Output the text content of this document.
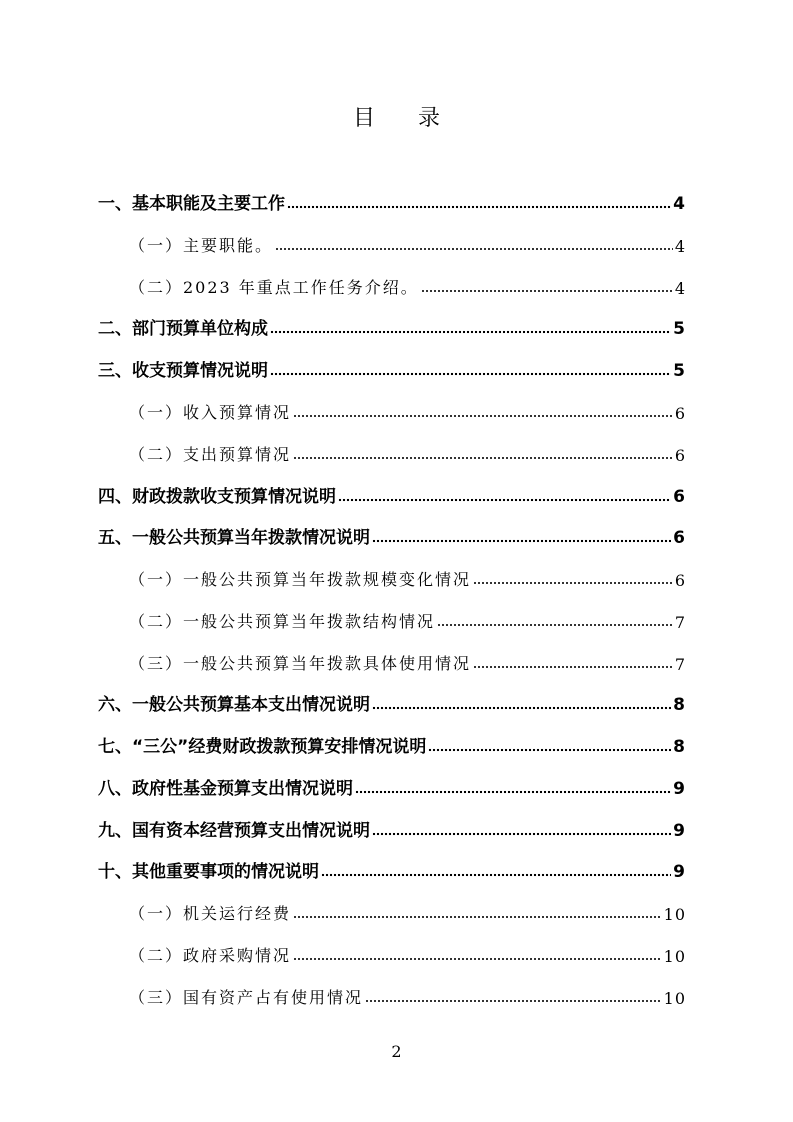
目 录
一、基本职能及主要工作	4
（一）主要职能。	4
（二）2023 年重点工作任务介绍。	4
二、部门预算单位构成	5
三、收支预算情况说明	5
（一）收入预算情况	6
（二）支出预算情况	6
四、财政拨款收支预算情况说明	6
五、一般公共预算当年拨款情况说明	6
（一）一般公共预算当年拨款规模变化情况	6
（二）一般公共预算当年拨款结构情况	7
（三）一般公共预算当年拨款具体使用情况	7
六、一般公共预算基本支出情况说明	8
七、“三公”经费财政拨款预算安排情况说明	8
八、政府性基金预算支出情况说明	9
九、国有资本经营预算支出情况说明	9
十、其他重要事项的情况说明	9
（一）机关运行经费	10
（二）政府采购情况	10
（三）国有资产占有使用情况	10
2
